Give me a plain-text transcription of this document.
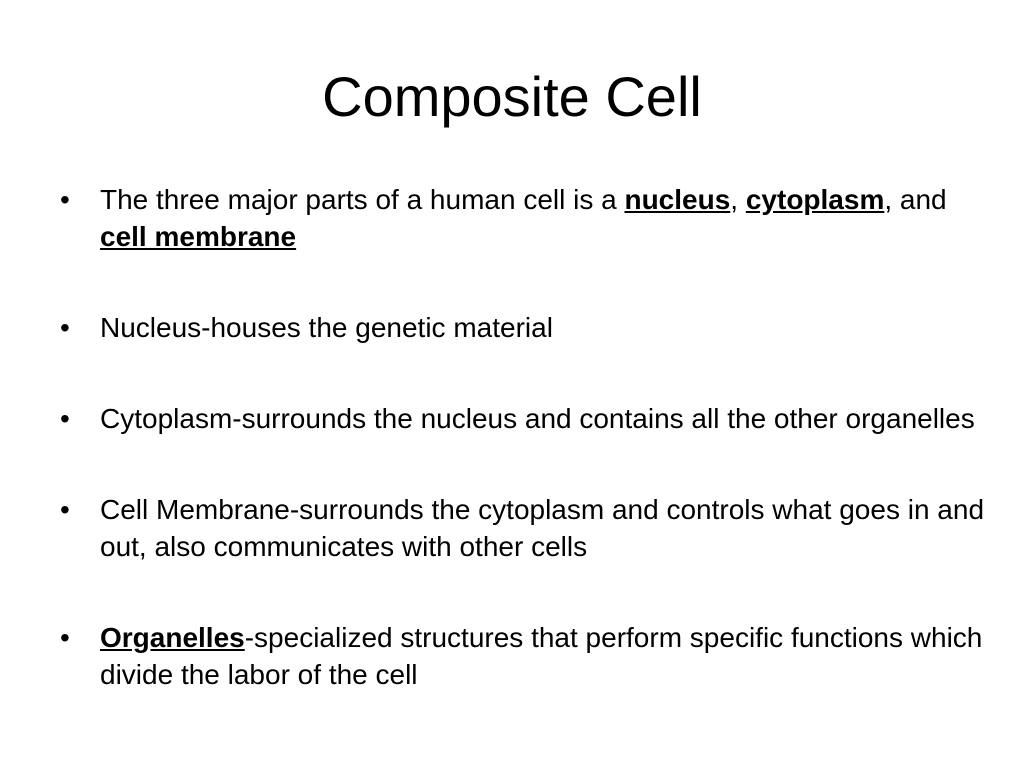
Composite Cell
•	The three major parts of a human cell is a nucleus, cytoplasm, and cell membrane
•	Nucleus-houses the genetic material
•	Cytoplasm-surrounds the nucleus and contains all the other organelles
•	Cell Membrane-surrounds the cytoplasm and controls what goes in and out, also communicates with other cells
•	Organelles-specialized structures that perform specific functions which divide the labor of the cell
